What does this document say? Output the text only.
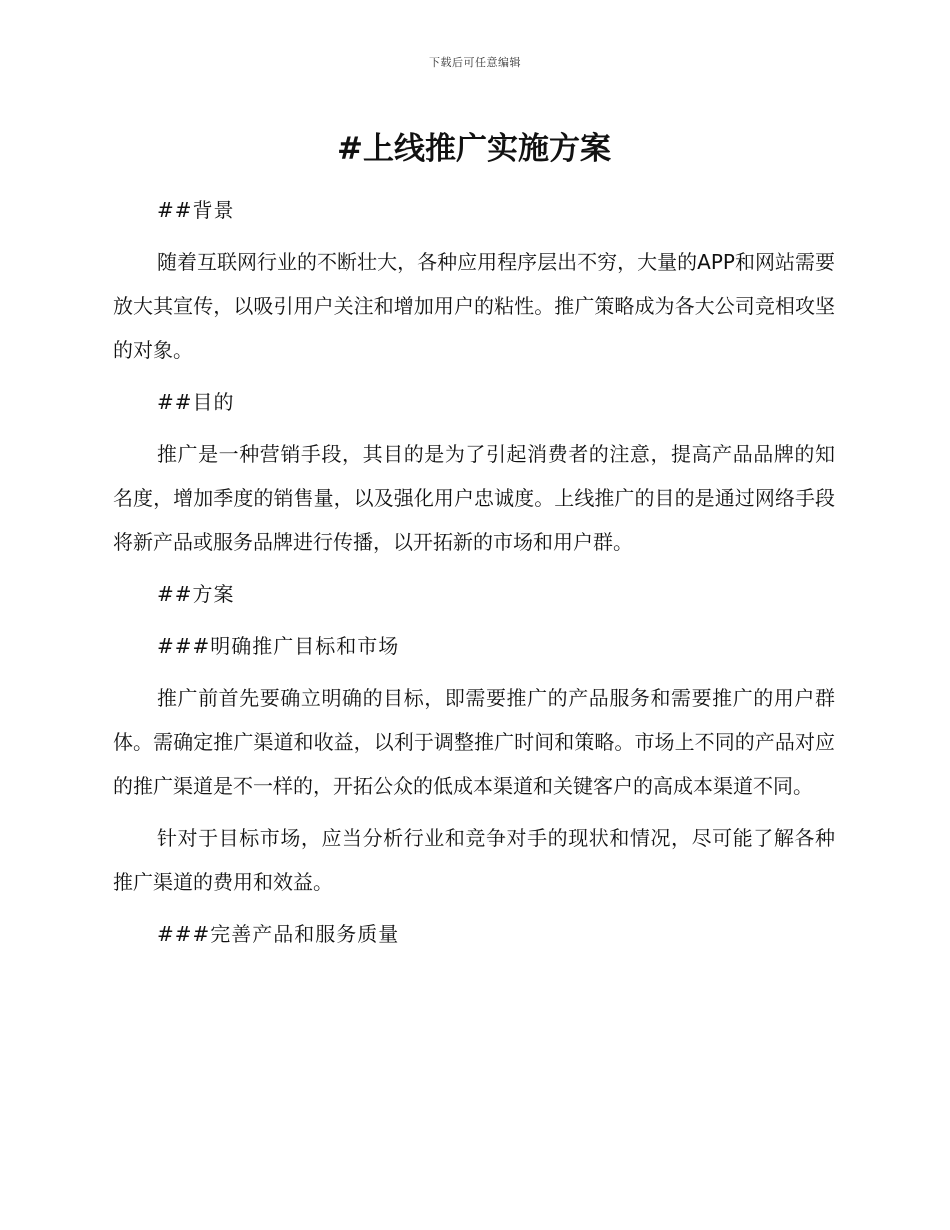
下载后可任意编辑
#上线推广实施方案

##背景

随着互联网行业的不断壮大，各种应用程序层出不穷，大量的APP和网站需要放大其宣传，以吸引用户关注和增加用户的粘性。推广策略成为各大公司竞相攻坚的对象。

##目的

推广是一种营销手段，其目的是为了引起消费者的注意，提高产品品牌的知名度，增加季度的销售量，以及强化用户忠诚度。上线推广的目的是通过网络手段将新产品或服务品牌进行传播，以开拓新的市场和用户群。

##方案

###明确推广目标和市场

推广前首先要确立明确的目标，即需要推广的产品服务和需要推广的用户群体。需确定推广渠道和收益，以利于调整推广时间和策略。市场上不同的产品对应的推广渠道是不一样的，开拓公众的低成本渠道和关键客户的高成本渠道不同。

针对于目标市场，应当分析行业和竞争对手的现状和情况，尽可能了解各种推广渠道的费用和效益。

###完善产品和服务质量
